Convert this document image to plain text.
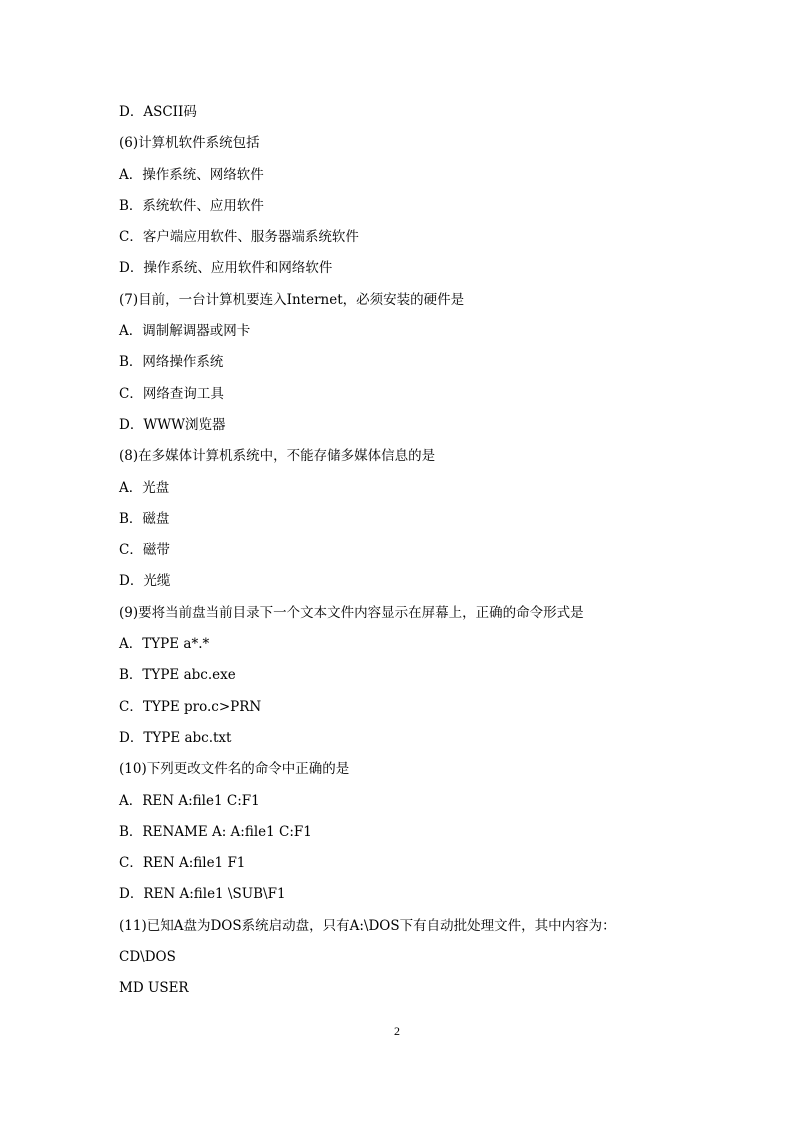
D．ASCII码
(6)计算机软件系统包括
A．操作系统、网络软件
B．系统软件、应用软件
C．客户端应用软件、服务器端系统软件
D．操作系统、应用软件和网络软件
(7)目前，一台计算机要连入Internet，必须安装的硬件是
A．调制解调器或网卡
B．网络操作系统
C．网络查询工具
D．WWW浏览器
(8)在多媒体计算机系统中，不能存储多媒体信息的是
A．光盘
B．磁盘
C．磁带
D．光缆
(9)要将当前盘当前目录下一个文本文件内容显示在屏幕上，正确的命令形式是
A．TYPE a*.*
B．TYPE abc.exe
C．TYPE pro.c>PRN
D．TYPE abc.txt
(10)下列更改文件名的命令中正确的是
A．REN A:file1 C:F1
B．RENAME A: A:file1 C:F1
C．REN A:file1 F1
D．REN A:file1 \SUB\F1
(11)已知A盘为DOS系统启动盘，只有A:\DOS下有自动批处理文件，其中内容为：
CD\DOS
MD USER
2
